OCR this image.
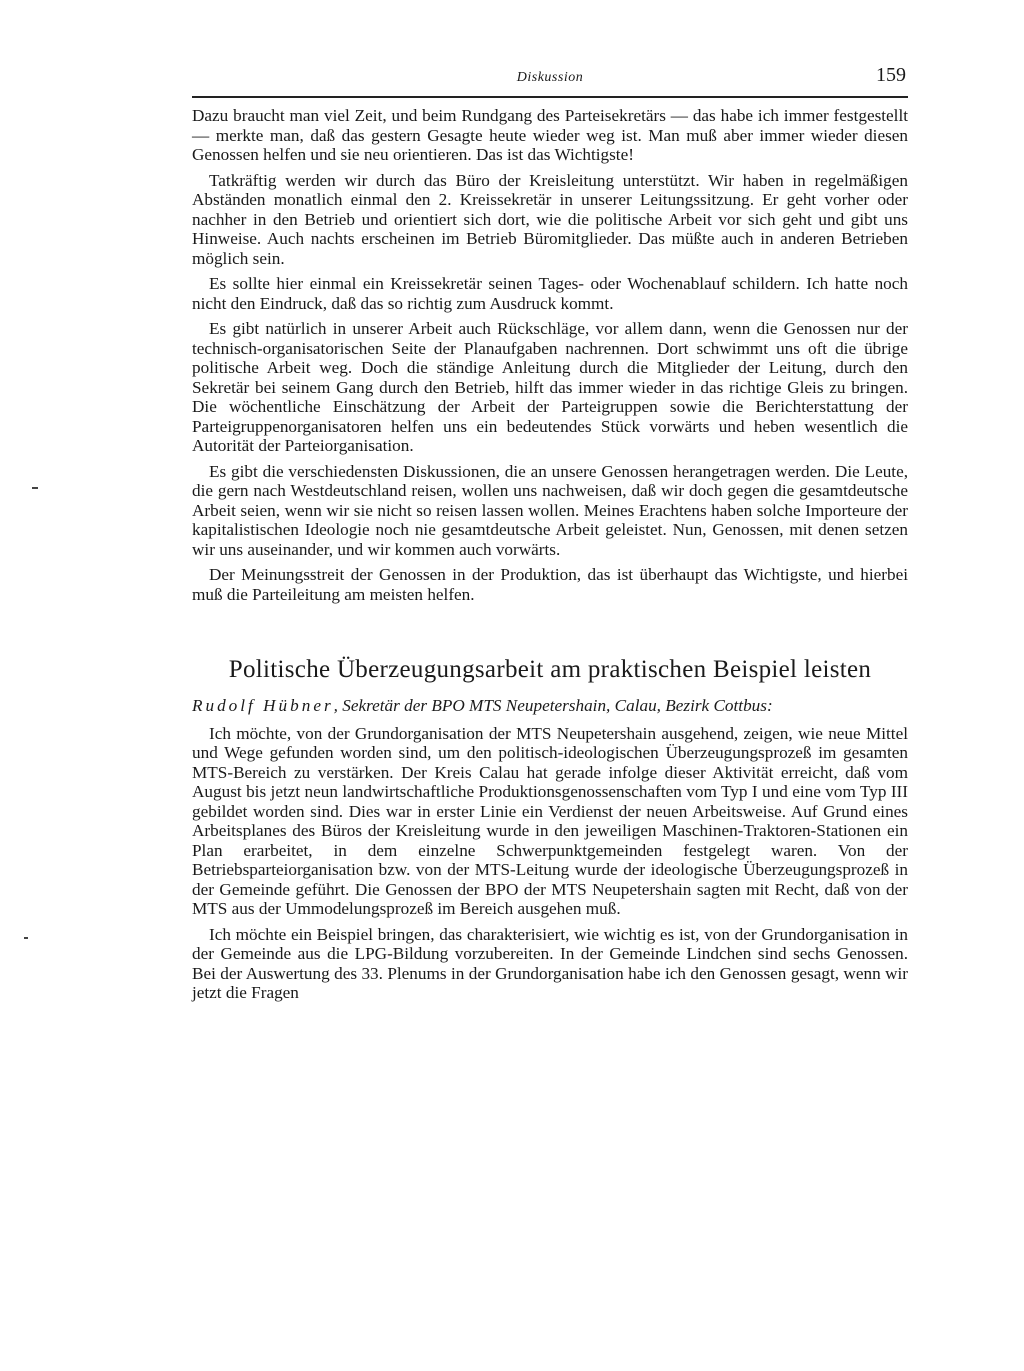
Diskussion	159

Dazu braucht man viel Zeit, und beim Rundgang des Parteisekretärs — das habe ich immer festgestellt — merkte man, daß das gestern Gesagte heute wieder weg ist. Man muß aber immer wieder diesen Genossen helfen und sie neu orientieren. Das ist das Wichtigste!

Tatkräftig werden wir durch das Büro der Kreisleitung unterstützt. Wir haben in regelmäßigen Abständen monatlich einmal den 2. Kreissekretär in unserer Leitungssitzung. Er geht vorher oder nachher in den Betrieb und orientiert sich dort, wie die politische Arbeit vor sich geht und gibt uns Hinweise. Auch nachts erscheinen im Betrieb Büromitglieder. Das müßte auch in anderen Betrieben möglich sein.

Es sollte hier einmal ein Kreissekretär seinen Tages- oder Wochenablauf schildern. Ich hatte noch nicht den Eindruck, daß das so richtig zum Ausdruck kommt.

Es gibt natürlich in unserer Arbeit auch Rückschläge, vor allem dann, wenn die Genossen nur der technisch-organisatorischen Seite der Planaufgaben nachrennen. Dort schwimmt uns oft die übrige politische Arbeit weg. Doch die ständige Anleitung durch die Mitglieder der Leitung, durch den Sekretär bei seinem Gang durch den Betrieb, hilft das immer wieder in das richtige Gleis zu bringen. Die wöchentliche Einschätzung der Arbeit der Parteigruppen sowie die Berichterstattung der Parteigruppenorganisatoren helfen uns ein bedeutendes Stück vorwärts und heben wesentlich die Autorität der Parteiorganisation.

Es gibt die verschiedensten Diskussionen, die an unsere Genossen herangetragen werden. Die Leute, die gern nach Westdeutschland reisen, wollen uns nachweisen, daß wir doch gegen die gesamtdeutsche Arbeit seien, wenn wir sie nicht so reisen lassen wollen. Meines Erachtens haben solche Importeure der kapitalistischen Ideologie noch nie gesamtdeutsche Arbeit geleistet. Nun, Genossen, mit denen setzen wir uns auseinander, und wir kommen auch vorwärts.

Der Meinungsstreit der Genossen in der Produktion, das ist überhaupt das Wichtigste, und hierbei muß die Parteileitung am meisten helfen.

Politische Überzeugungsarbeit am praktischen Beispiel leisten
Rudolf Hübner, Sekretär der BPO MTS Neupetershain, Calau, Bezirk Cottbus:

Ich möchte, von der Grundorganisation der MTS Neupetershain ausgehend, zeigen, wie neue Mittel und Wege gefunden worden sind, um den politisch-ideologischen Überzeugungsprozeß im gesamten MTS-Bereich zu verstärken. Der Kreis Calau hat gerade infolge dieser Aktivität erreicht, daß vom August bis jetzt neun landwirtschaftliche Produktionsgenossenschaften vom Typ I und eine vom Typ III gebildet worden sind. Dies war in erster Linie ein Verdienst der neuen Arbeitsweise. Auf Grund eines Arbeitsplanes des Büros der Kreisleitung wurde in den jeweiligen Maschinen-Traktoren-Stationen ein Plan erarbeitet, in dem einzelne Schwerpunktgemeinden festgelegt waren. Von der Betriebsparteiorganisation bzw. von der MTS-Leitung wurde der ideologische Überzeugungsprozeß in der Gemeinde geführt. Die Genossen der BPO der MTS Neupetershain sagten mit Recht, daß von der MTS aus der Ummodelungsprozeß im Bereich ausgehen muß.

Ich möchte ein Beispiel bringen, das charakterisiert, wie wichtig es ist, von der Grundorganisation in der Gemeinde aus die LPG-Bildung vorzubereiten. In der Gemeinde Lindchen sind sechs Genossen. Bei der Auswertung des 33. Plenums in der Grundorganisation habe ich den Genossen gesagt, wenn wir jetzt die Fragen
